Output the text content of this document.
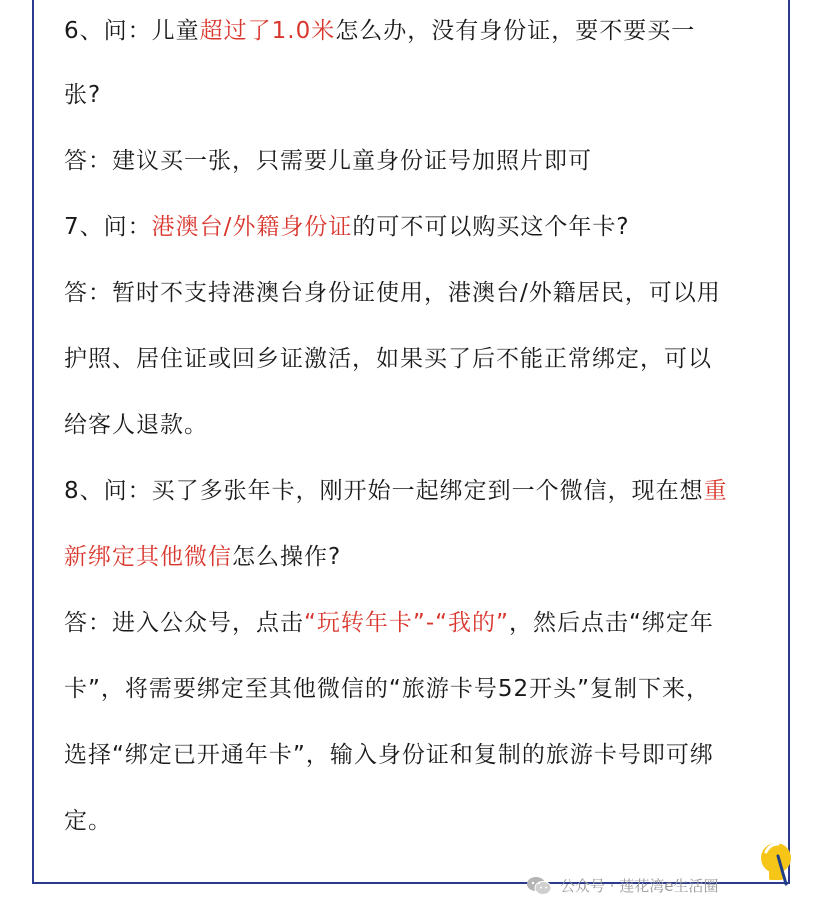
6、问：儿童超过了1.0米怎么办，没有身份证，要不要买一
张?
答：建议买一张，只需要儿童身份证号加照片即可
7、问：港澳台/外籍身份证的可不可以购买这个年卡?
答：暂时不支持港澳台身份证使用，港澳台/外籍居民，可以用
护照、居住证或回乡证激活，如果买了后不能正常绑定，可以
给客人退款。
8、问：买了多张年卡，刚开始一起绑定到一个微信，现在想重
新绑定其他微信怎么操作?
答：进入公众号，点击“玩转年卡”-“我的”，然后点击“绑定年
卡”，将需要绑定至其他微信的“旅游卡号52开头”复制下来，
选择“绑定已开通年卡”，输入身份证和复制的旅游卡号即可绑
定。
公众号 · 莲花湾e生活圈
